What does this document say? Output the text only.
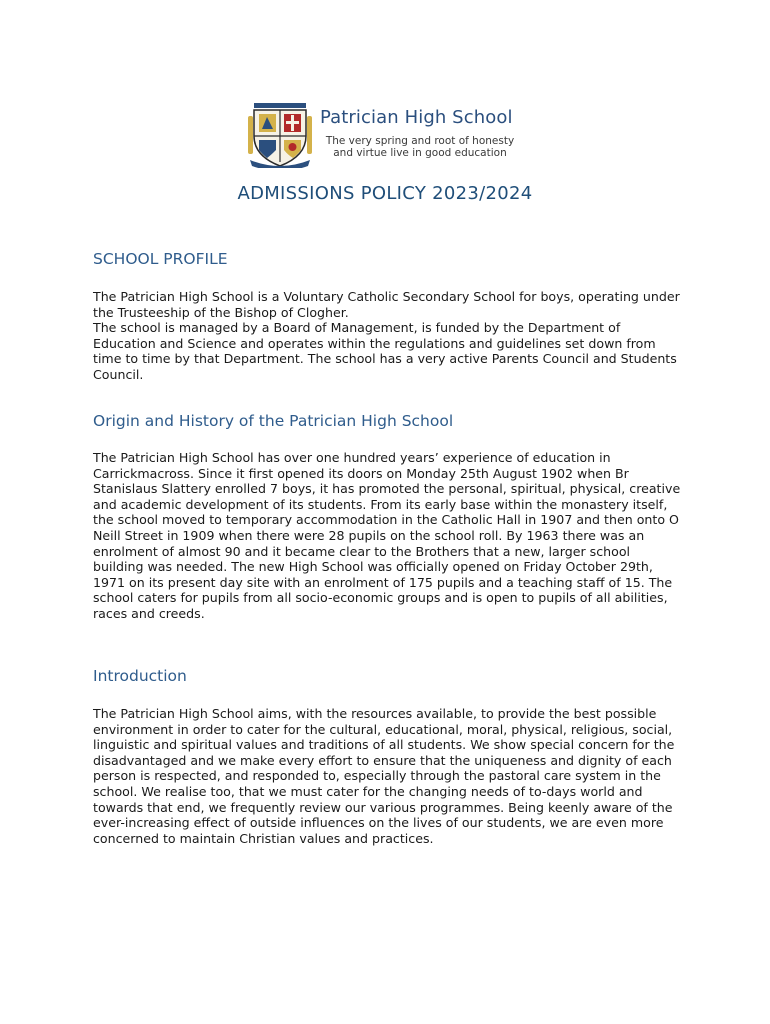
Patrician High School
The very spring and root of honesty
and virtue live in good education
ADMISSIONS POLICY 2023/2024
SCHOOL PROFILE

The Patrician High School is a Voluntary Catholic Secondary School for boys, operating under the Trusteeship of the Bishop of Clogher.
The school is managed by a Board of Management, is funded by the Department of Education and Science and operates within the regulations and guidelines set down from time to time by that Department. The school has a very active Parents Council and Students Council.

Origin and History of the Patrician High School

The Patrician High School has over one hundred years’ experience of education in Carrickmacross. Since it first opened its doors on Monday 25th August 1902 when Br Stanislaus Slattery enrolled 7 boys, it has promoted the personal, spiritual, physical, creative and academic development of its students. From its early base within the monastery itself, the school moved to temporary accommodation in the Catholic Hall in 1907 and then onto O Neill Street in 1909 when there were 28 pupils on the school roll. By 1963 there was an enrolment of almost 90 and it became clear to the Brothers that a new, larger school building was needed. The new High School was officially opened on Friday October 29th, 1971 on its present day site with an enrolment of 175 pupils and a teaching staff of 15. The school caters for pupils from all socio-economic groups and is open to pupils of all abilities, races and creeds.

Introduction

The Patrician High School aims, with the resources available, to provide the best possible environment in order to cater for the cultural, educational, moral, physical, religious, social, linguistic and spiritual values and traditions of all students. We show special concern for the disadvantaged and we make every effort to ensure that the uniqueness and dignity of each person is respected, and responded to, especially through the pastoral care system in the school. We realise too, that we must cater for the changing needs of to-days world and towards that end, we frequently review our various programmes. Being keenly aware of the ever-increasing effect of outside influences on the lives of our students, we are even more concerned to maintain Christian values and practices.
